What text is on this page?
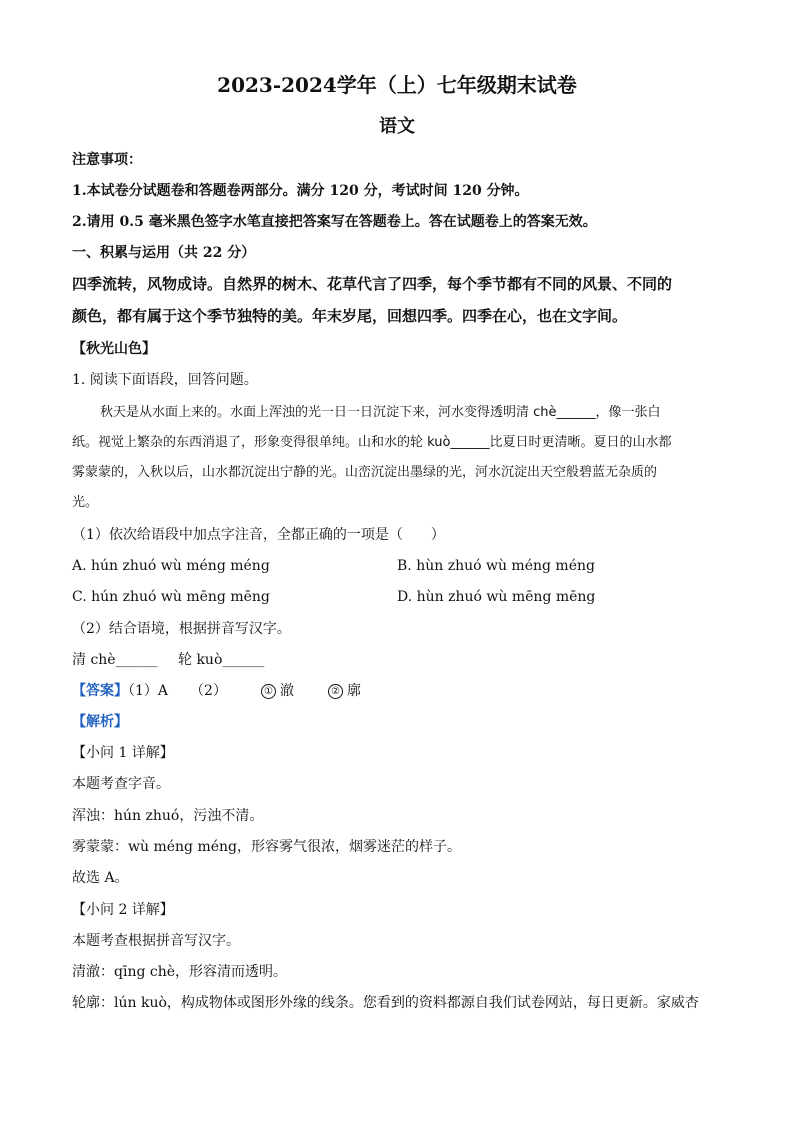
2023-2024学年（上）七年级期末试卷
语文
注意事项：
1.本试卷分试题卷和答题卷两部分。满分 120 分，考试时间 120 分钟。
2.请用 0.5 毫米黑色签字水笔直接把答案写在答题卷上。答在试题卷上的答案无效。
一、积累与运用（共 22 分）
四季流转，风物成诗。自然界的树木、花草代言了四季，每个季节都有不同的风景、不同的
颜色，都有属于这个季节独特的美。年末岁尾，回想四季。四季在心，也在文字间。
【秋光山色】
1. 阅读下面语段，回答问题。
秋天是从水面上来的。水面上浑浊的光一日一日沉淀下来，河水变得透明清 chè______，像一张白
纸。视觉上繁杂的东西消退了，形象变得很单纯。山和水的轮 kuò______比夏日时更清晰。夏日的山水都
雾蒙蒙的，入秋以后，山水都沉淀出宁静的光。山峦沉淀出墨绿的光，河水沉淀出天空般碧蓝无杂质的
光。
（1）依次给语段中加点字注音，全都正确的一项是（　　）
A. hún zhuó wù méng méng	B. hùn zhuó wù méng méng
C. hún zhuó wù mēng mēng	D. hùn zhuó wù mēng mēng
（2）结合语境，根据拼音写汉字。
清 chè______ 轮 kuò______
【答案】（1）A （2）	① 澈	② 廓
【解析】
【小问 1 详解】
本题考查字音。
浑浊：hún zhuó，污浊不清。
雾蒙蒙：wù méng méng，形容雾气很浓，烟雾迷茫的样子。
故选 A。
【小问 2 详解】
本题考查根据拼音写汉字。
清澈：qīng chè，形容清而透明。
轮廓：lún kuò，构成物体或图形外缘的线条。您看到的资料都源自我们试卷网站，每日更新。家威杏
